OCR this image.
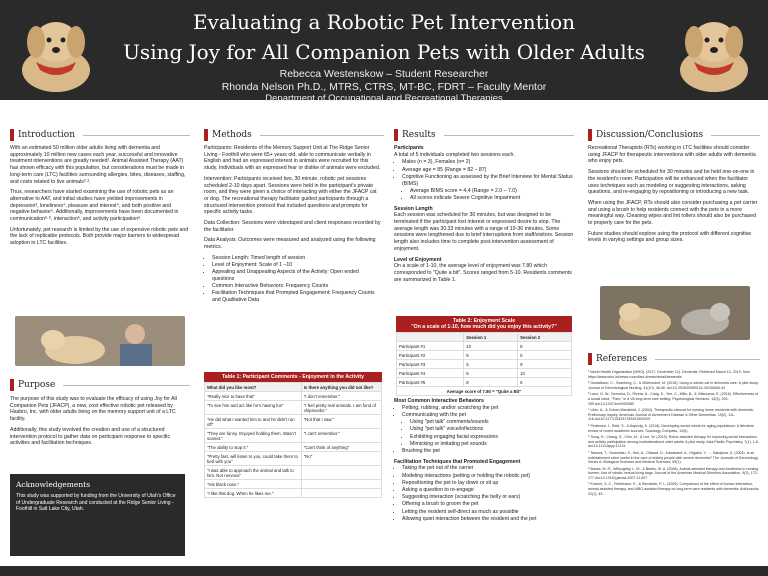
Evaluating a Robotic Pet Intervention
Using Joy for All Companion Pets with Older Adults
Rebecca Westenskow – Student Researcher
Rhonda Nelson Ph.D., MTRS, CTRS, MT-BC, FDRT – Faculty Mentor
Department of Occupational and Recreational Therapies
Introduction

With an estimated 50 million older adults living with dementia and approximately 10 million new cases each year, successful and innovative treatment interventions are greatly needed¹. Animal Assisted Therapy (AAT) has shown efficacy with this population, but considerations must be made in long-term care (LTC) facilities surrounding allergies, bites, diseases, staffing, and costs related to live animals²·³.

Thus, researchers have started examining the use of robotic pets as an alternative to AAT, and initial studies have yielded improvements in depression³, loneliness⁴, pleasure and interest⁴, and both positive and negative behavior⁵. Additionally, improvements have been documented in communication⁶·⁸, interaction⁶, and activity participation⁶.

Unfortunately, pet research is limited by the use of expensive robotic pets and the lack of replicable protocols. Both provide major barriers to widespread adoption in LTC facilities.

Purpose

The purpose of this study was to evaluate the efficacy of using Joy for All Companion Pets (JFACP), a new, cost effective robotic pet released by Hasbro, Inc. with older adults living on the memory support unit of a LTC facility.

Additionally, this study involved the creation and use of a structured intervention protocol to gather data on participant response to specific activities and facilitation techniques.

Acknowledgements
This study was supported by funding from the University of Utah's Office of Undergraduate Research and conducted at the Ridge Senior Living - Foothill in Salt Lake City, Utah.
Methods

Participants: Residents of the Memory Support Unit at The Ridge Senior Living - Foothill who were 65+ years old, able to communicate verbally in English and had an expressed interest in animals were recruited for this study. Individuals with an expressed fear or dislike of animals were excluded.

Intervention: Participants received two, 30 minute, robotic pet sessions scheduled 2-10 days apart. Sessions were held in the participant's private room, and they were given a choice of interacting with either the JFACP cat or dog. The recreational therapy facilitator guided participants through a structured intervention protocol that included questions and prompts for specific activity tasks.

Data Collection: Sessions were videotaped and client responses recorded by the facilitator.

Data Analysis: Outcomes were measured and analyzed using the following metrics.

• Session Length: Timed length of session
• Level of Enjoyment: Scale of 1 –10
• Appealing and Unappealing Aspects of the Activity: Open ended questions
• Common Interactive Behaviors: Frequency Counts
• Facilitation Techniques that Prompted Engagement: Frequency Counts and Qualitative Data
Table 1: Participant Comments - Enjoyment in the Activity
What did you like most?	Is there anything you did not like?
"Really nice to have that"	"I don't remember."
"To see him and act like he's having fun"	"I feel pretty real animals. I am fond of chipmunks."
"He did what I wanted him to and he didn't run off"	"Not that I saw."
"They are funny. Enjoyed holding them. Wasn't scared."	"I can't remember."
"The ability to stop it."	"Can't think of anything"
"Pretty fast, will listen to you, could take them to bed with you"	"No"
"I was able to approach the animal and talk to him. Not nervous"	
"His black nose."	
"I like that dog. When he likes me."	
Results

Participants

A total of 5 individuals completed two sessions each.

• Males (n = 3), Females (n= 2)
• Average age = 85 (Range = 82 – 87)
• Cognitive Functioning as assessed by the Brief Interview for Mental Status (BIMS)
• Average BIMS score = 4.4 (Range = 2.0 – 7.0)
• All scores indicate Severe Cognitive Impairment

Session Length

Each session was scheduled for 30 minutes, but was designed to be terminated if the participant lost interest or expressed desire to stop. The average length was 30.33 minutes with a range of 19-36 minutes. Some sessions were lengthened due to brief interruptions from staff/visitors. Session length also includes time to complete post-intervention assessment of enjoyment.

Level of Enjoyment

On a scale of 1-10, the average level of enjoyment was 7.80 which corresponded to "Quite a bit". Scores ranged from 5-10. Residents comments are summarized in Table 1.

Table 2: Enjoyment Scale
"On a scale of 1-10, how much did you enjoy this activity?"
	Session 1	Session 2
Participant #1	10	8
Participant #2	8	5
Participant #3	5	9
Participant #4	8	10
Participant #5	8	6
Average score of 7.80 = "Quite a Bit"		

Most Common Interactive Behaviors

• Petting, rubbing, and/or scratching the pet
• Communicating with the pet
• Using "pet talk" comments/sounds
• Using "pet talk" voice/inflections
• Exhibiting engaging facial expressions
• Mimicking or imitating pet sounds
• Brushing the pet

Facilitation Techniques that Promoted Engagement

• Taking the pet out of the carrier
• Modeling interactions (petting or holding the robotic pet)
• Repositioning the pet to lay down or sit up
• Asking a question to re-engage
• Suggesting interaction (scratching the belly or ears)
• Offering a brush to groom the pet
• Letting the resident self-direct as much as possible
• Allowing quiet interaction between the resident and the pet
Discussion/Conclusions

Recreational Therapists (RTs) working in LTC facilities should consider using JFACP for therapeutic interventions with older adults with dementia who enjoy pets.

Sessions should be scheduled for 30 minutes and be held one-on-one in the resident's room. Participation will be enhanced when the facilitator uses techniques such as modeling or suggesting interactions, asking questions, and re-engaging by repositioning or introducing a new task.

When using the JFACP, RTs should also consider purchasing a pet carrier and using a brush to help residents connect with the pets in a more meaningful way. Cleaning wipes and lint rollers should also be purchased to properly care for the pets.

Future studies should explore using the protocol with different cognitive levels in varying settings and group sizes.

References

¹ World Health Organization [WHO]. (2017, December 12). Dementia. Retrieved March 10, 2019, from https://www.who.int/news-room/fact-sheets/detail/dementia

² Gustafsson, C., Svanberg, C., & Müllersdorf, M. (2015). Using a robotic cat in dementia care: A pilot study. Journal of Gerontological Nursing, 41(10), 46-56. doi:10.3928/00989134-20150806-44

³ Lane, G. W., Noronha, D., Rivera, A., Craig, K., Yee, C., Mills, B., & Villanueva, E. (2016). Effectiveness of a social robot, "Paro," in a VA long-term care setting. Psychological Services, 13(3), 292-299.doi:10.1037/ser0000080

⁴ Libin, A., & Cohen-Mansfield, J. (2004). Therapeutic robocat for nursing home residents with dementia: Preliminary inquiry. American Journal of Alzheimer's Disease & Other Dementias, 19(2), 111-116.doi:10.1177/153331750401900209

⁵ Pedersen, I., Reid, S., & Aspevig, K. (2018). Developing social robots for aging populations: A literature review of recent academic sources. Sociology Compass, 12(6).

⁶ Sung, H., Chang, S., Chin, M., & Lee, W. (2015). Robot-assisted therapy for improving social interactions and activity participation among institutionalized older adults: A pilot study. Asia-Pacific Psychiatry, 7(1), 1-6. doi:10.1111/appy.12131

⁷ Tamura, T., Yonemitsu, S., Itoh, A., Oikawa, D., Kawakami, A., Higashi, Y., … Nakajima, K. (2004). Is an entertainment robot useful in the care of elderly people with severe dementia? The Journals of Gerontology Series A: Biological Sciences and Medical Sciences, 59(1).

⁸ Banks, M. R., Willoughby, L. M., & Banks, W. A. (2008). Animal-assisted therapy and loneliness in nursing homes: Use of robotic versus living dogs. Journal of the American Medical Directors Association, 9(3), 173-177.doi:10.1016/j.jamda.2007.11.007

⁹ Kramer, S. C., Friedmann, E., & Bernstein, P. L. (2009). Comparison of the effect of human interaction, animal-assisted therapy, and AIBO-assisted therapy on long-term care residents with dementia. Anthrozoös, 22(1), 43-
